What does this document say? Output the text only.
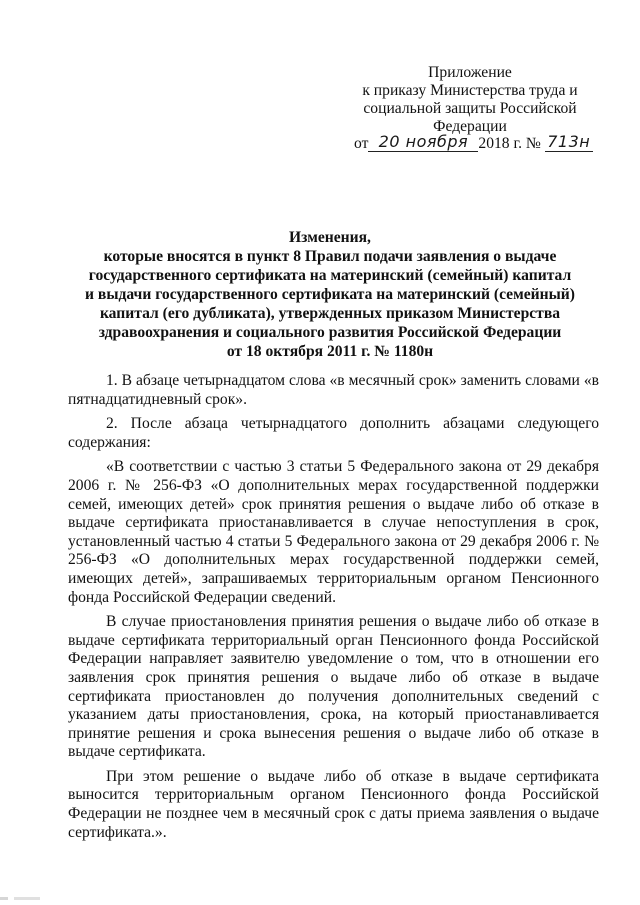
Приложение
к приказу Министерства труда и
социальной защиты Российской
Федерации
от 20 ноября 2018 г. № 713н
Изменения,
которые вносятся в пункт 8 Правил подачи заявления о выдаче
государственного сертификата на материнский (семейный) капитал
и выдачи государственного сертификата на материнский (семейный)
капитал (его дубликата), утвержденных приказом Министерства
здравоохранения и социального развития Российской Федерации
от 18 октября 2011 г. № 1180н

1. В абзаце четырнадцатом слова «в месячный срок» заменить словами «в пятнадцатидневный срок».

2. После абзаца четырнадцатого дополнить абзацами следующего содержания:

«В соответствии с частью 3 статьи 5 Федерального закона от 29 декабря 2006 г. № 256-ФЗ «О дополнительных мерах государственной поддержки семей, имеющих детей» срок принятия решения о выдаче либо об отказе в выдаче сертификата приостанавливается в случае непоступления в срок, установленный частью 4 статьи 5 Федерального закона от 29 декабря 2006 г. № 256-ФЗ «О дополнительных мерах государственной поддержки семей, имеющих детей», запрашиваемых территориальным органом Пенсионного фонда Российской Федерации сведений.

В случае приостановления принятия решения о выдаче либо об отказе в выдаче сертификата территориальный орган Пенсионного фонда Российской Федерации направляет заявителю уведомление о том, что в отношении его заявления срок принятия решения о выдаче либо об отказе в выдаче сертификата приостановлен до получения дополнительных сведений с указанием даты приостановления, срока, на который приостанавливается принятие решения и срока вынесения решения о выдаче либо об отказе в выдаче сертификата.

При этом решение о выдаче либо об отказе в выдаче сертификата выносится территориальным органом Пенсионного фонда Российской Федерации не позднее чем в месячный срок с даты приема заявления о выдаче сертификата.».
